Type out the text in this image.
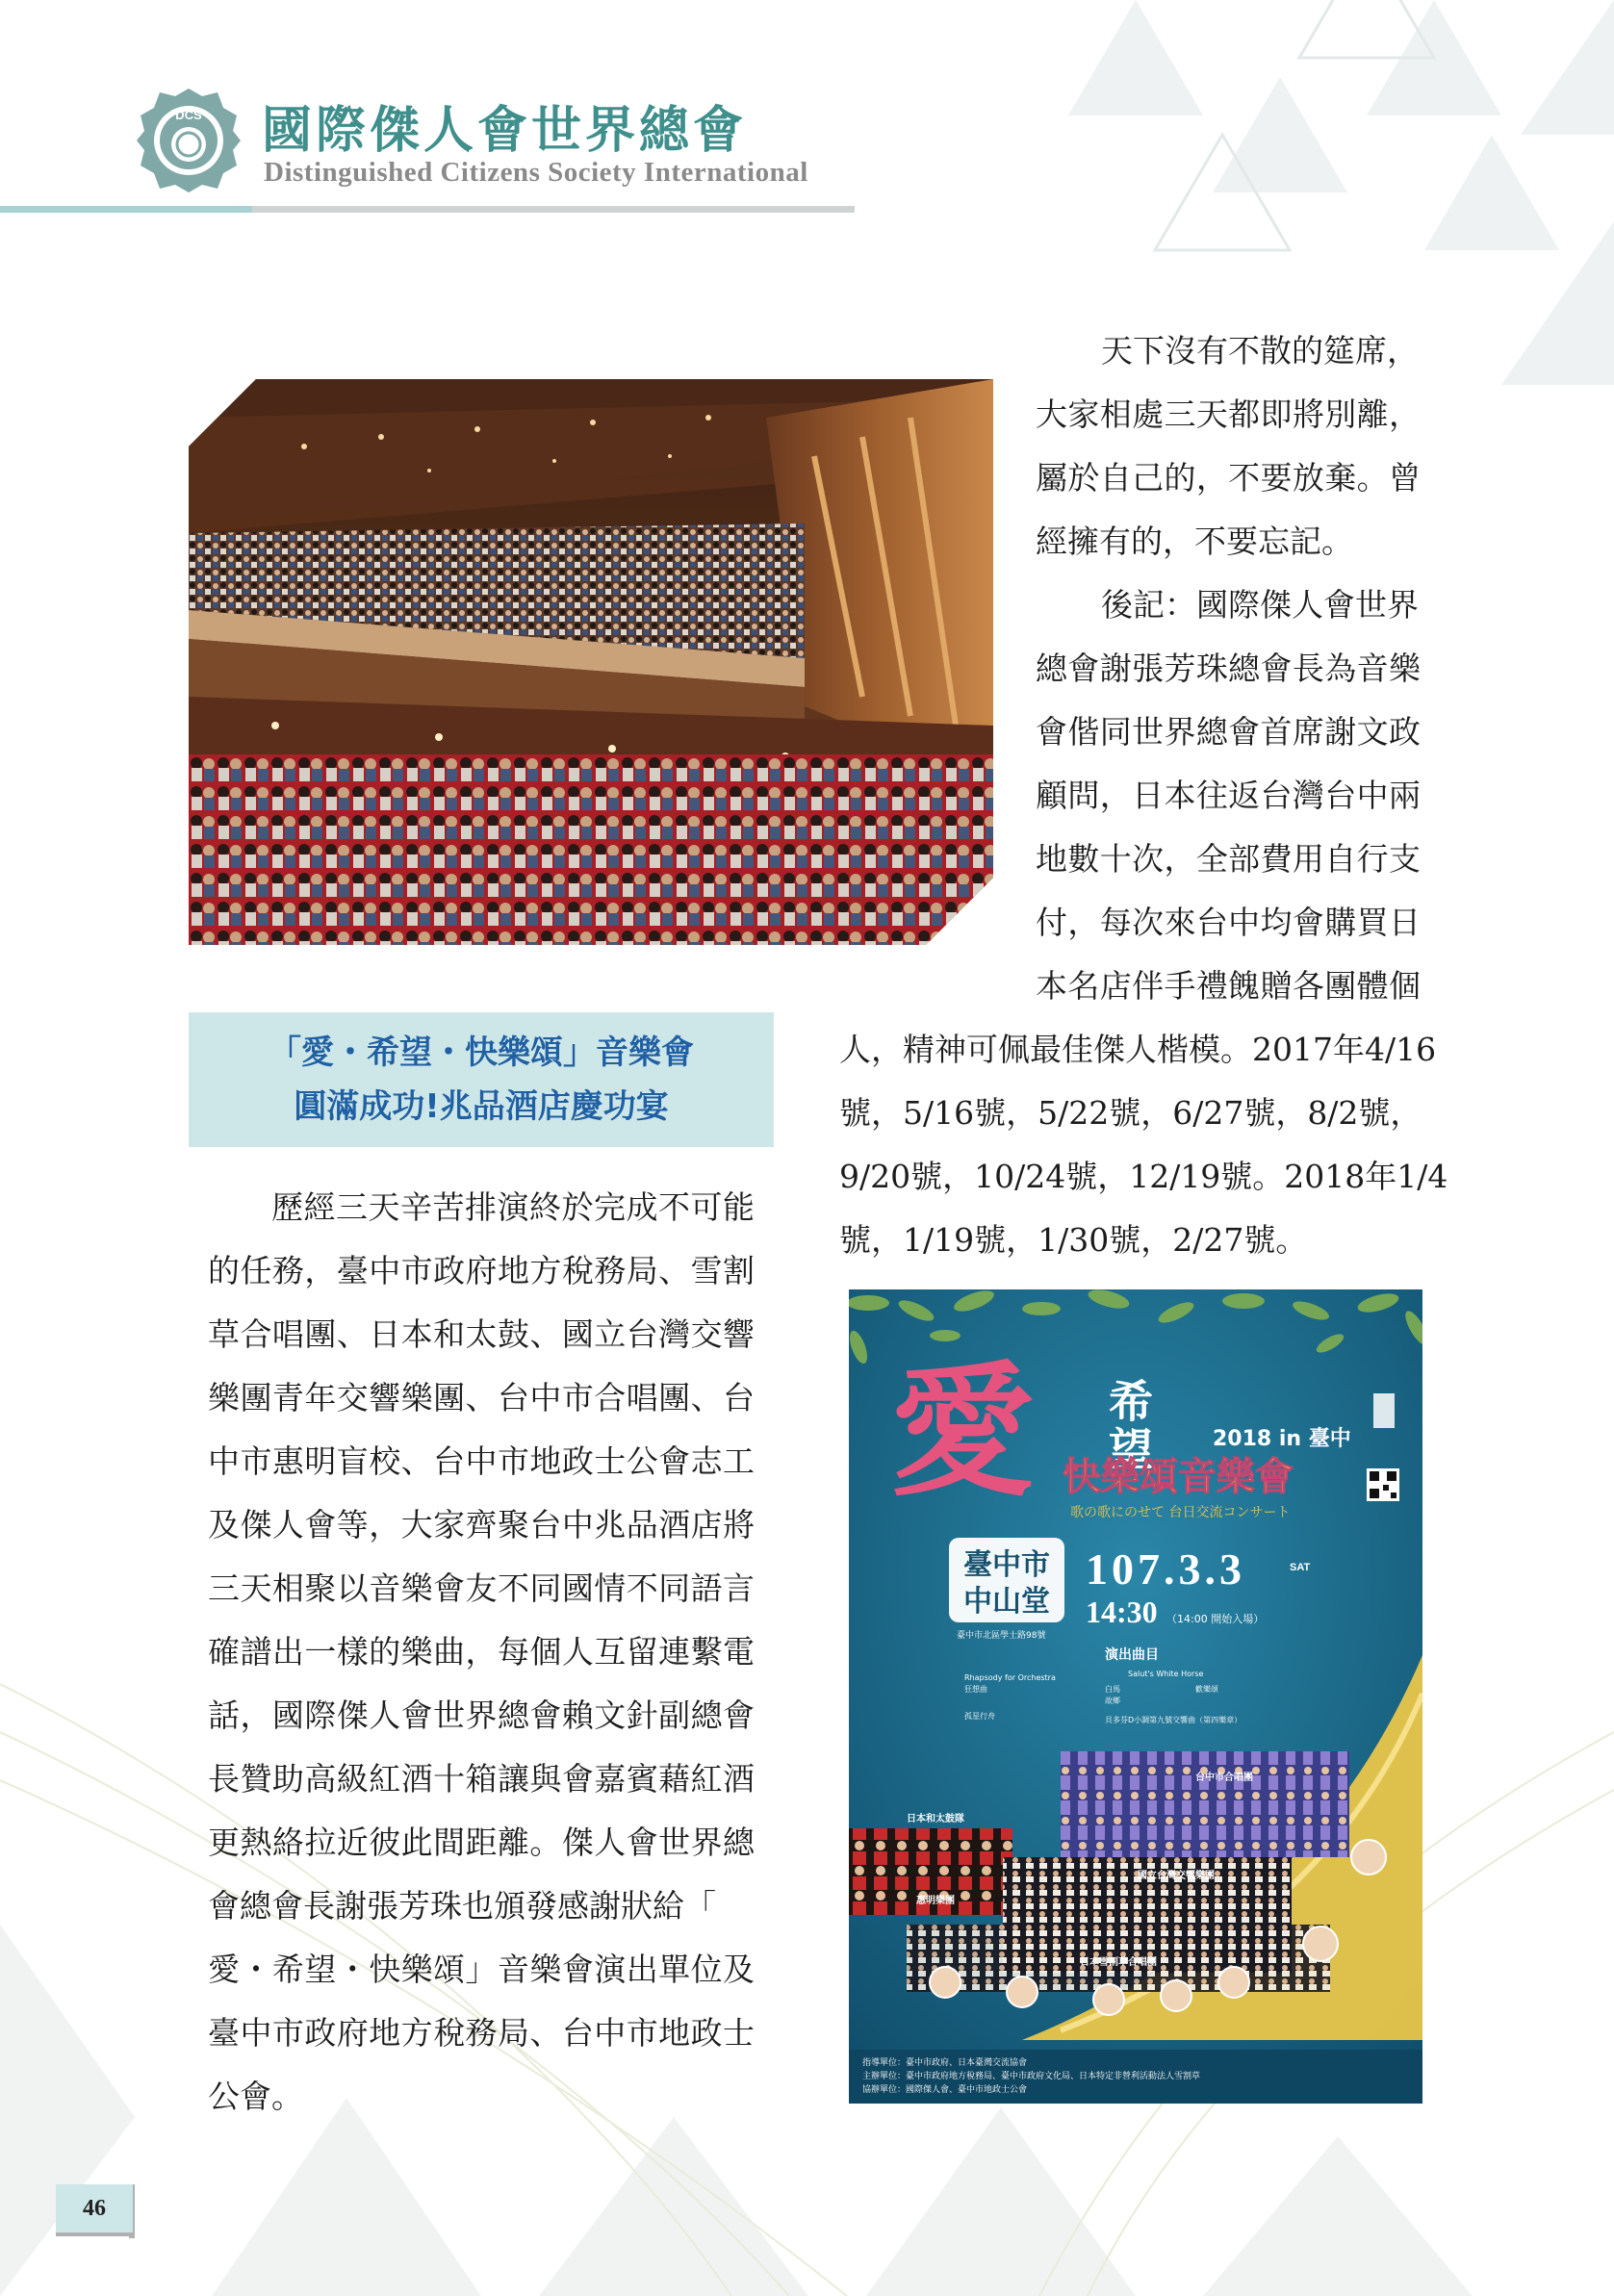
DCS 國際傑人會世界總會
Distinguished Citizens Society International
天下沒有不散的筵席，
大家相處三天都即將別離，
屬於自己的，不要放棄。曾
經擁有的，不要忘記。
後記：國際傑人會世界
總會謝張芳珠總會長為音樂
會偕同世界總會首席謝文政
顧問，日本往返台灣台中兩
地數十次，全部費用自行支
付，每次來台中均會購買日
本名店伴手禮餽贈各團體個
人，精神可佩最佳傑人楷模。2017年4/16
號，5/16號，5/22號，6/27號，8/2號，
9/20號，10/24號，12/19號。2018年1/4
號，1/19號，1/30號，2/27號。
「愛・希望・快樂頌」音樂會
圓滿成功!兆品酒店慶功宴
歷經三天辛苦排演終於完成不可能
的任務，臺中市政府地方稅務局、雪割
草合唱團、日本和太鼓、國立台灣交響
樂團青年交響樂團、台中市合唱團、台
中市惠明盲校、台中市地政士公會志工
及傑人會等，大家齊聚台中兆品酒店將
三天相聚以音樂會友不同國情不同語言
確譜出一樣的樂曲，每個人互留連繫電
話，國際傑人會世界總會賴文針副總會
長贊助高級紅酒十箱讓與會嘉賓藉紅酒
更熱絡拉近彼此間距離。傑人會世界總
會總會長謝張芳珠也頒發感謝狀給「
愛・希望・快樂頌」音樂會演出單位及
臺中市政府地方稅務局、台中市地政士
公會。
愛 希望	2018 in 臺中
快樂頌音樂會
歌の歌にのせて 台日交流コンサート
臺中市
中山堂
臺中市北區學士路98號
107.3.3	SAT
14:30 （14:00 開始入場）
演出曲目
Rhapsody for Orchestra
狂想曲
Salut's White Horse
白馬
貝多芬D小調第九號交響曲（第四樂章）
孤星行舟
故鄉
歡樂頌
日本和太鼓隊
台中市合唱團
國立台灣交響樂團
惠明樂團
日本雪割草合唱團
指導單位：臺中市政府、日本臺灣交流協會
主辦單位：臺中市政府地方稅務局、臺中市政府文化局、日本特定非營利活動法人雪割草
協辦單位：國際傑人會、臺中市地政士公會
46
